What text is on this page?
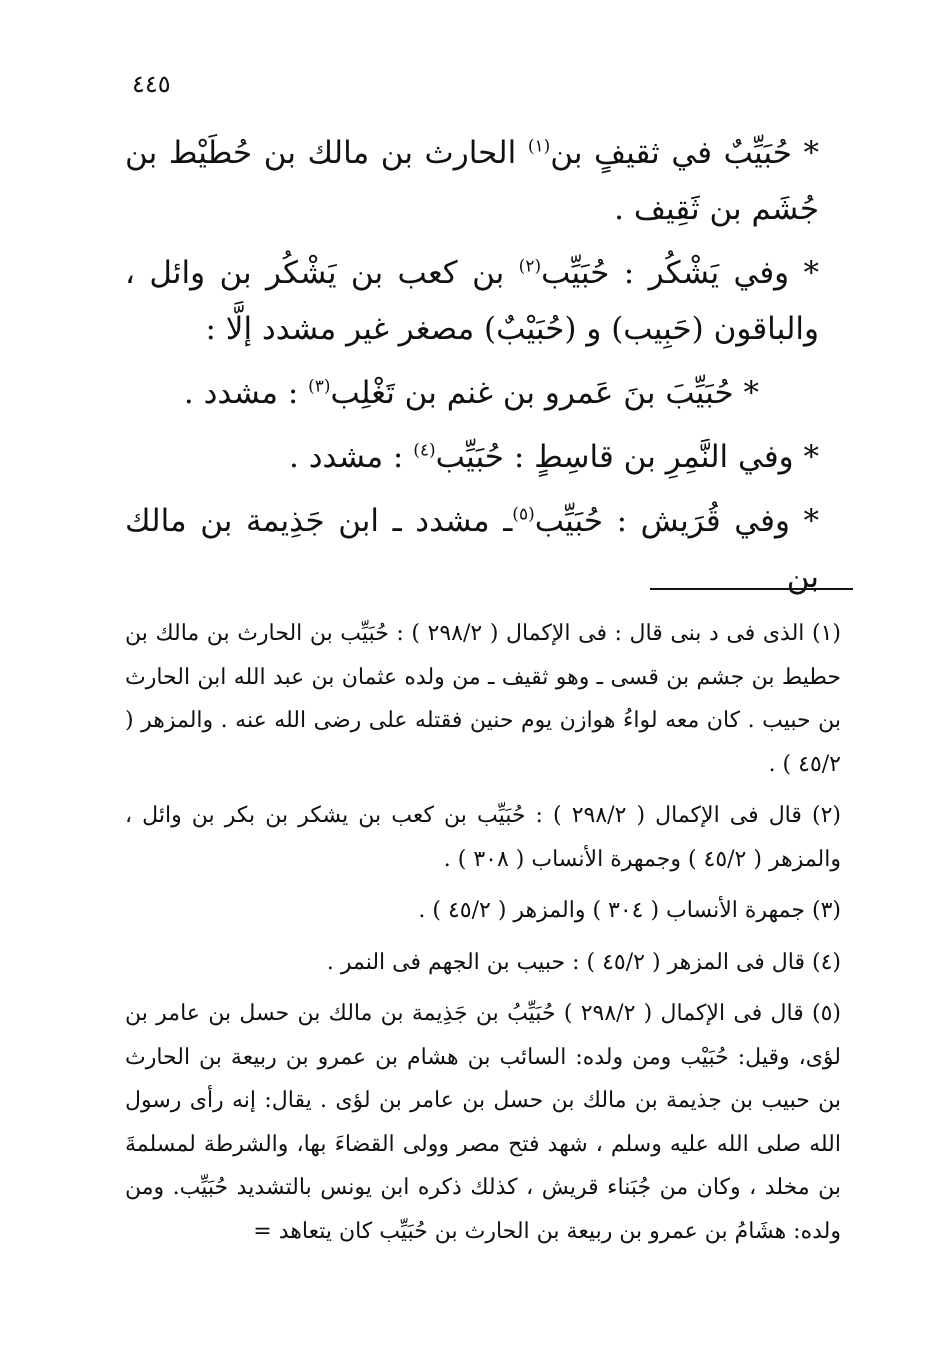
٤٤٥

* حُبَيِّبٌ في ثقيفٍ بن$^{(١)}$ الحارث بن مالك بن حُطَيْط بن جُشَم بن ثَقِيف .

* وفي يَشْكُر : حُبَيِّب$^{(٢)}$ بن كعب بن يَشْكُر بن وائل ، والباقون (حَبِيب) و (حُبَيْبٌ) مصغر غير مشدد إلَّا :

* حُبَيِّبَ بنَ عَمرو بن غنم بن تَغْلِب$^{(٣)}$ : مشدد .

* وفي النَّمِرِ بن قاسِطٍ : حُبَيِّب$^{(٤)}$ : مشدد .

* وفي قُرَيش : حُبَيِّب$^{(٥)}$ـ مشدد ـ ابن جَذِيمة بن مالك بن

(١) الذى فى د بنى قال : فى الإكمال ( ٢٩٨/٢ ) : حُبَيِّب بن الحارث بن مالك بن حطيط بن جشم بن قسى ـ وهو ثقيف ـ من ولده عثمان بن عبد الله ابن الحارث بن حبيب . كان معه لواءُ هوازن يوم حنين فقتله على رضى الله عنه . والمزهر ( ٤٥/٢ ) .

(٢) قال فى الإكمال ( ٢٩٨/٢ ) : حُبَيِّب بن كعب بن يشكر بن بكر بن وائل ، والمزهر ( ٤٥/٢ ) وجمهرة الأنساب ( ٣٠٨ ) .

(٣) جمهرة الأنساب ( ٣٠٤ ) والمزهر ( ٤٥/٢ ) .

(٤) قال فى المزهر ( ٤٥/٢ ) : حبيب بن الجهم فى النمر .

(٥) قال فى الإكمال ( ٢٩٨/٢ ) حُبَيِّبُ بن جَذِيمة بن مالك بن حسل بن عامر بن لؤى، وقيل: حُبَيْب ومن ولده: السائب بن هشام بن عمرو بن ربيعة بن الحارث بن حبيب بن جذيمة بن مالك بن حسل بن عامر بن لؤى . يقال: إنه رأى رسول الله صلى الله عليه وسلم ، شهد فتح مصر وولى القضاءَ بها، والشرطة لمسلمةَ بن مخلد ، وكان من جُبَناء قريش ، كذلك ذكره ابن يونس بالتشديد حُبَيِّب. ومن ولده: هشَامُ بن عمرو بن ربيعة بن الحارث بن حُبَيِّب كان يتعاهد =
